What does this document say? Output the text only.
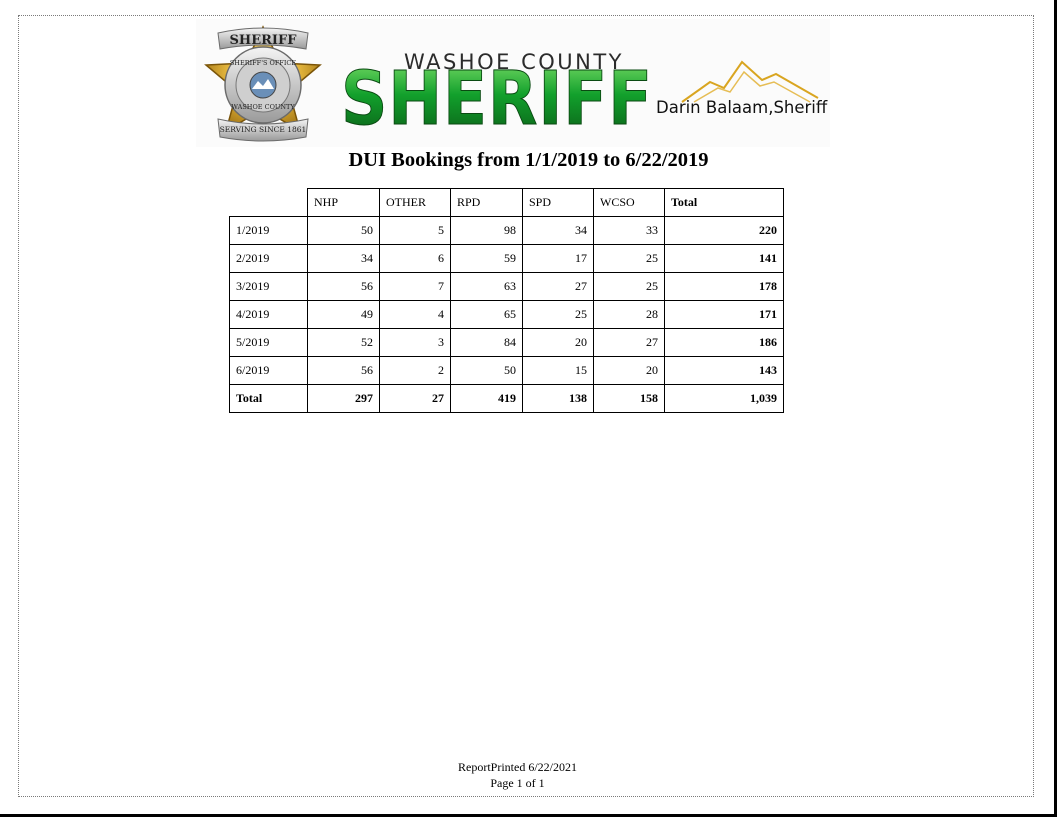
SHERIFF
SHERIFF'S OFFICE
WASHOE COUNTY
SERVING SINCE 1861

WASHOE COUNTY

SHERIFF Darin Balaam,Sheriff

DUI Bookings from 1/1/2019 to 6/22/2019
	NHP	OTHER	RPD	SPD	WCSO	Total
1/2019	50	5	98	34	33	220
2/2019	34	6	59	17	25	141
3/2019	56	7	63	27	25	178
4/2019	49	4	65	25	28	171
5/2019	52	3	84	20	27	186
6/2019	56	2	50	15	20	143
Total	297	27	419	138	158	1,039
ReportPrinted 6/22/2021
Page 1 of 1
